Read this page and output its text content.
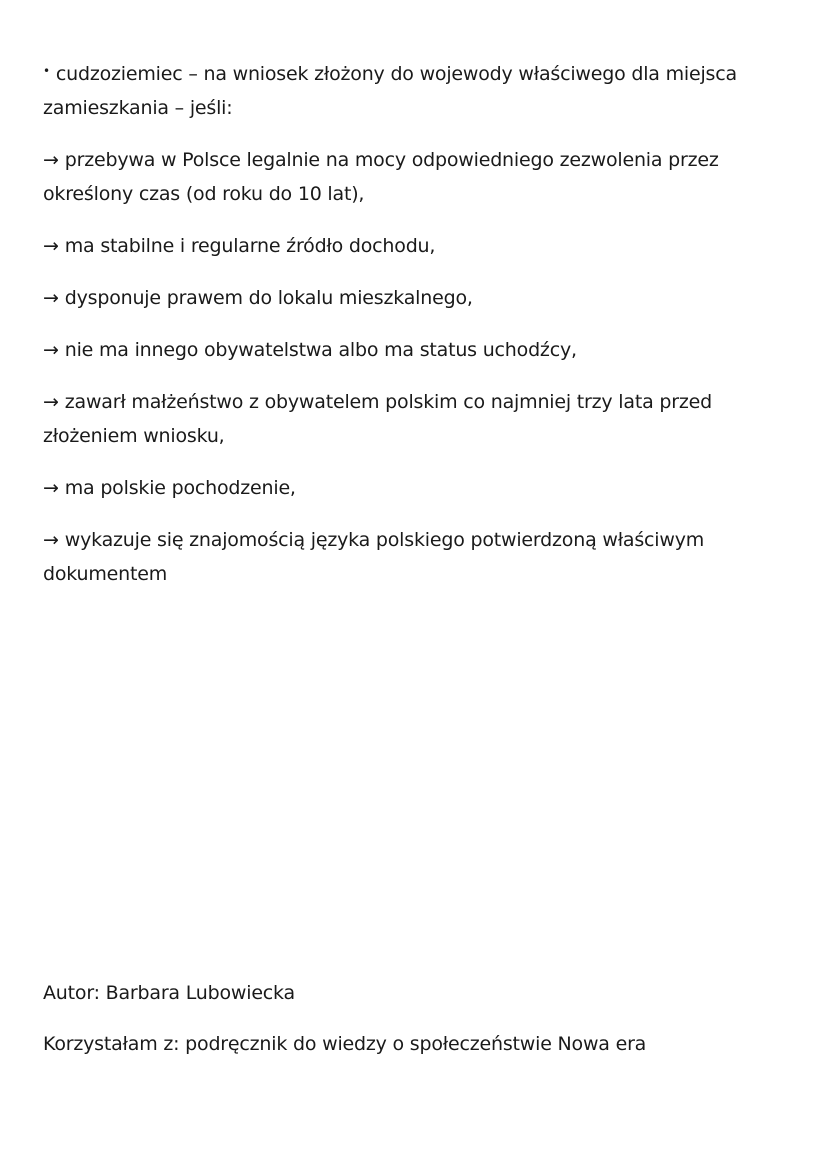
• cudzoziemiec – na wniosek złożony do wojewody właściwego dla miejsca zamieszkania – jeśli:

→ przebywa w Polsce legalnie na mocy odpowiedniego zezwolenia przez określony czas (od roku do 10 lat),

→ ma stabilne i regularne źródło dochodu,

→ dysponuje prawem do lokalu mieszkalnego,

→ nie ma innego obywatelstwa albo ma status uchodźcy,

→ zawarł małżeństwo z obywatelem polskim co najmniej trzy lata przed złożeniem wniosku,

→ ma polskie pochodzenie,

→ wykazuje się znajomością języka polskiego potwierdzoną właściwym dokumentem

Autor: Barbara Lubowiecka

Korzystałam z: podręcznik do wiedzy o społeczeństwie Nowa era
